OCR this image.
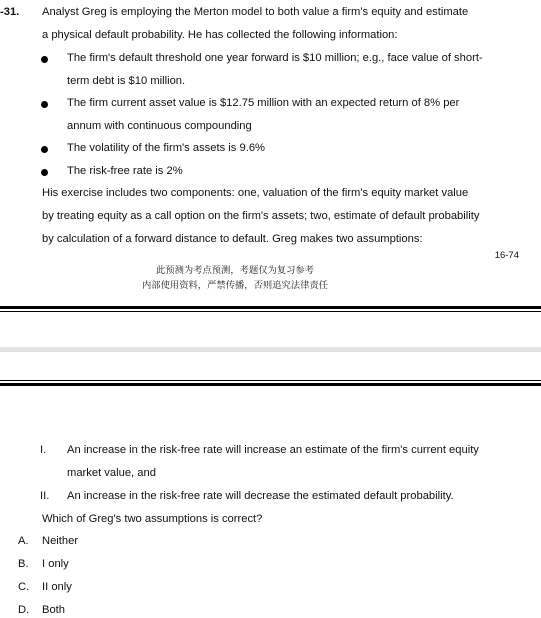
-31. Analyst Greg is employing the Merton model to both value a firm's equity and estimate
a physical default probability. He has collected the following information:
The firm's default threshold one year forward is $10 million; e.g., face value of short-
term debt is $10 million.
The firm current asset value is $12.75 million with an expected return of 8% per
annum with continuous compounding
The volatility of the firm's assets is 9.6%
The risk-free rate is 2%
His exercise includes two components: one, valuation of the firm's equity market value
by treating equity as a call option on the firm's assets; two, estimate of default probability
by calculation of a forward distance to default. Greg makes two assumptions:
16-74
此预测为考点预测，考题仅为复习参考
内部使用资料，严禁传播，否则追究法律责任
I. An increase in the risk-free rate will increase an estimate of the firm's current equity
market value, and
II. An increase in the risk-free rate will decrease the estimated default probability.
Which of Greg's two assumptions is correct?
A. Neither
B. I only
C. II only
D. Both
